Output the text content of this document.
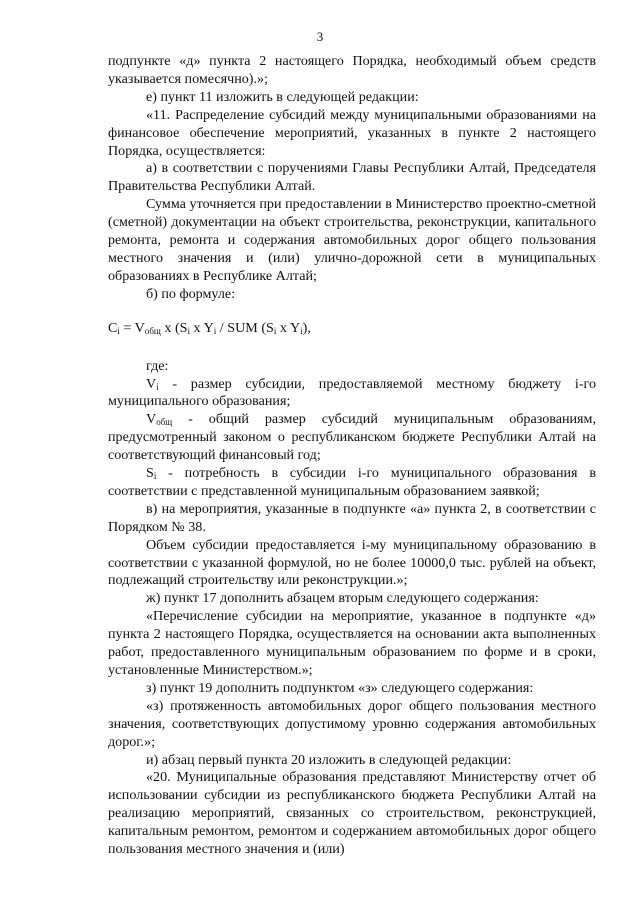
3

подпункте «д» пункта 2 настоящего Порядка, необходимый объем средств указывается помесячно).»;

е) пункт 11 изложить в следующей редакции:

«11. Распределение субсидий между муниципальными образованиями на финансовое обеспечение мероприятий, указанных в пункте 2 настоящего Порядка, осуществляется:

а) в соответствии с поручениями Главы Республики Алтай, Председателя Правительства Республики Алтай.

Сумма уточняется при предоставлении в Министерство проектно-сметной (сметной) документации на объект строительства, реконструкции, капитального ремонта, ремонта и содержания автомобильных дорог общего пользования местного значения и (или) улично-дорожной сети в муниципальных образованиях в Республике Алтай;

б) по формуле:

$C_i = V_{общ}$ x ($S_i$ x $Y_i$ / SUM ($S_i$ x $Y_i$),

где:

$V_i$ - размер субсидии, предоставляемой местному бюджету i-го муниципального образования;

$V_{общ}$ - общий размер субсидий муниципальным образованиям, предусмотренный законом о республиканском бюджете Республики Алтай на соответствующий финансовый год;

$S_i$ - потребность в субсидии i-го муниципального образования в соответствии с представленной муниципальным образованием заявкой;

в) на мероприятия, указанные в подпункте «а» пункта 2, в соответствии с Порядком № 38.

Объем субсидии предоставляется i-му муниципальному образованию в соответствии с указанной формулой, но не более 10000,0 тыс. рублей на объект, подлежащий строительству или реконструкции.»;

ж) пункт 17 дополнить абзацем вторым следующего содержания:

«Перечисление субсидии на мероприятие, указанное в подпункте «д» пункта 2 настоящего Порядка, осуществляется на основании акта выполненных работ, предоставленного муниципальным образованием по форме и в сроки, установленные Министерством.»;

з) пункт 19 дополнить подпунктом «з» следующего содержания:

«з) протяженность автомобильных дорог общего пользования местного значения, соответствующих допустимому уровню содержания автомобильных дорог.»;

и) абзац первый пункта 20 изложить в следующей редакции:

«20. Муниципальные образования представляют Министерству отчет об использовании субсидии из республиканского бюджета Республики Алтай на реализацию мероприятий, связанных со строительством, реконструкцией, капитальным ремонтом, ремонтом и содержанием автомобильных дорог общего пользования местного значения и (или)
